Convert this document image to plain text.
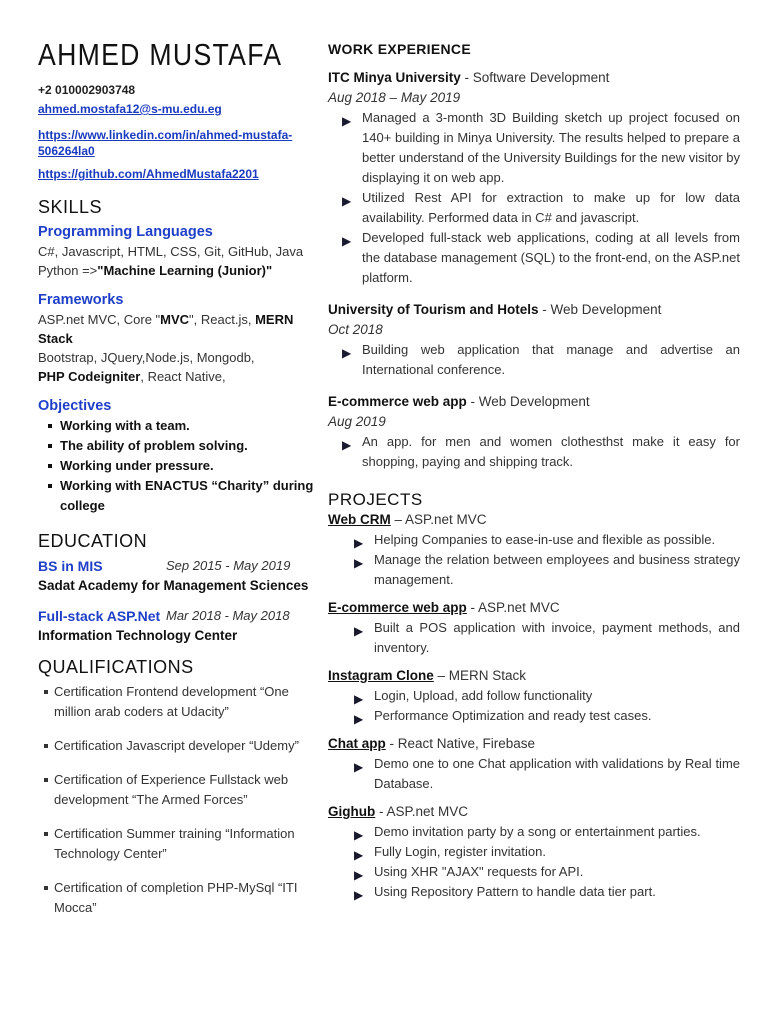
AHMED MUSTAFA

+2 010002903748

ahmed.mostafa12@s-mu.edu.eg

https://www.linkedin.com/in/ahmed-mustafa-
506264la0

https://github.com/AhmedMustafa2201

SKILLS

Programming Languages

C#, Javascript, HTML, CSS, Git, GitHub, Java

Python =>"Machine Learning (Junior)"

Frameworks

ASP.net MVC, Core "MVC", React.js, MERN Stack

Bootstrap, JQuery,Node.js, Mongodb,

PHP Codeigniter, React Native,

Objectives

Working with a team.
The ability of problem solving.
Working under pressure.
Working with ENACTUS “Charity” during college
EDUCATION
BS in MIS	Sep 2015 - May 2019

Sadat Academy for Management Sciences

Full-stack ASP.Net Mar 2018 - May 2018

Information Technology Center

QUALIFICATIONS
Certification Frontend development “One million arab coders at Udacity”
Certification Javascript developer “Udemy”
Certification of Experience Fullstack web development “The Armed Forces”
Certification Summer training “Information Technology Center”
Certification of completion PHP-MySql “ITI Mocca”
WORK EXPERIENCE

ITC Minya University - Software Development

Aug 2018 – May 2019

▶ Managed a 3-month 3D Building sketch up project focused on 140+ building in Minya University. The results helped to prepare a better understand of the University Buildings for the new visitor by displaying it on web app.
▶ Utilized Rest API for extraction to make up for low data availability. Performed data in C# and javascript.
▶ Developed full-stack web applications, coding at all levels from the database management (SQL) to the front-end, on the ASP.net platform.

University of Tourism and Hotels - Web Development

Oct 2018

▶ Building web application that manage and advertise an International conference.

E-commerce web app - Web Development

Aug 2019

▶ An app. for men and women clothesthst make it easy for shopping, paying and shipping track.
PROJECTS

Web CRM – ASP.net MVC

▶ Helping Companies to ease-in-use and flexible as possible.
▶ Manage the relation between employees and business strategy management.

E-commerce web app - ASP.net MVC

▶ Built a POS application with invoice, payment methods, and inventory.

Instagram Clone – MERN Stack

▶ Login, Upload, add follow functionality
▶ Performance Optimization and ready test cases.

Chat app - React Native, Firebase

▶ Demo one to one Chat application with validations by Real time Database.

Gighub - ASP.net MVC

▶ Demo invitation party by a song or entertainment parties.
▶ Fully Login, register invitation.
▶ Using XHR "AJAX" requests for API.
▶ Using Repository Pattern to handle data tier part.
